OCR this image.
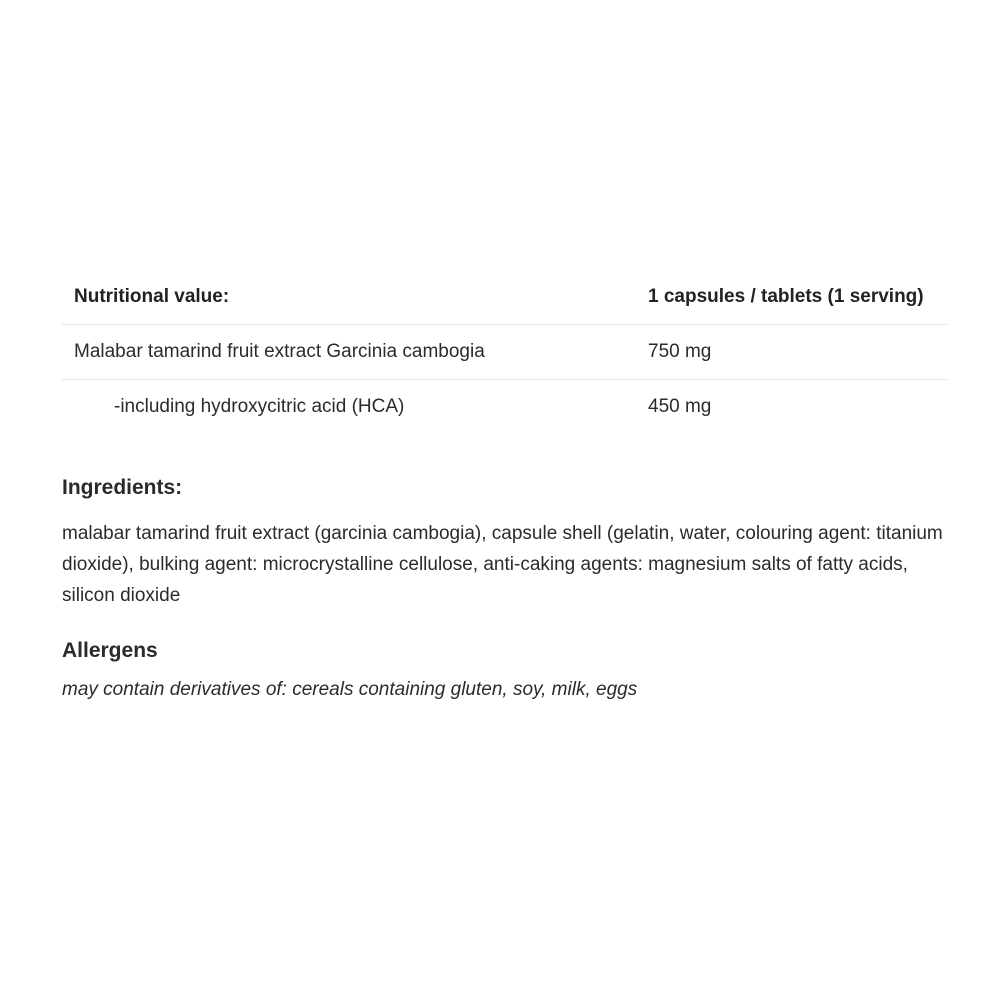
Nutritional value:	1 capsules / tablets (1 serving)
Malabar tamarind fruit extract Garcinia cambogia	750 mg
-including hydroxycitric acid (HCA)	450 mg
Ingredients:
malabar tamarind fruit extract (garcinia cambogia), capsule shell (gelatin, water, colouring agent: titanium dioxide), bulking agent: microcrystalline cellulose, anti-caking agents: magnesium salts of fatty acids, silicon dioxide
Allergens
may contain derivatives of: cereals containing gluten, soy, milk, eggs
